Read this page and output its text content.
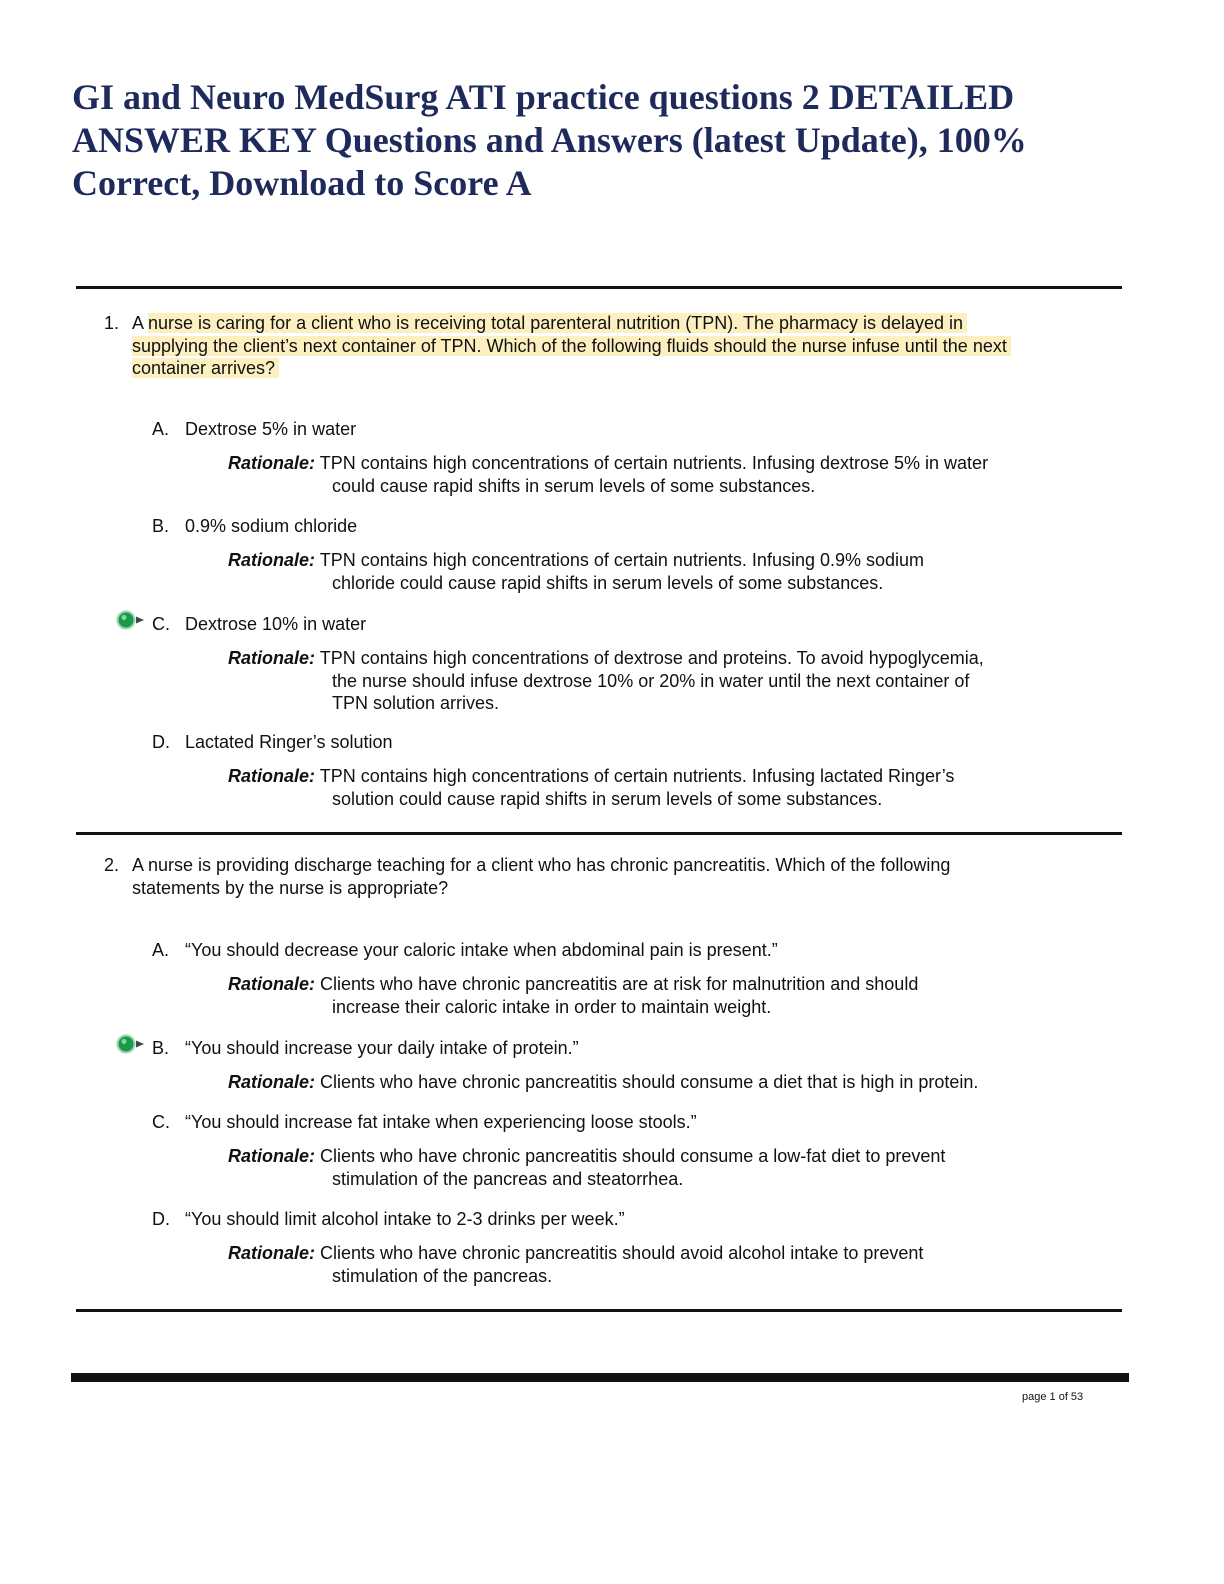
GI and Neuro MedSurg ATI practice questions 2 DETAILED
ANSWER KEY Questions and Answers (latest Update), 100%
Correct, Download to Score A
1. A nurse is caring for a client who is receiving total parenteral nutrition (TPN). The pharmacy is delayed in
supplying the client’s next container of TPN. Which of the following fluids should the nurse infuse until the next
container arrives?
A. Dextrose 5% in water
Rationale: TPN contains high concentrations of certain nutrients. Infusing dextrose 5% in water
could cause rapid shifts in serum levels of some substances.
B. 0.9% sodium chloride
Rationale: TPN contains high concentrations of certain nutrients. Infusing 0.9% sodium
chloride could cause rapid shifts in serum levels of some substances.
C. Dextrose 10% in water
Rationale: TPN contains high concentrations of dextrose and proteins. To avoid hypoglycemia,
the nurse should infuse dextrose 10% or 20% in water until the next container of
TPN solution arrives.
D. Lactated Ringer’s solution
Rationale: TPN contains high concentrations of certain nutrients. Infusing lactated Ringer’s
solution could cause rapid shifts in serum levels of some substances.
2. A nurse is providing discharge teaching for a client who has chronic pancreatitis. Which of the following
statements by the nurse is appropriate?
A. “You should decrease your caloric intake when abdominal pain is present.”
Rationale: Clients who have chronic pancreatitis are at risk for malnutrition and should
increase their caloric intake in order to maintain weight.
B. “You should increase your daily intake of protein.”
Rationale: Clients who have chronic pancreatitis should consume a diet that is high in protein.
C. “You should increase fat intake when experiencing loose stools.”
Rationale: Clients who have chronic pancreatitis should consume a low-fat diet to prevent
stimulation of the pancreas and steatorrhea.
D. “You should limit alcohol intake to 2-3 drinks per week.”
Rationale: Clients who have chronic pancreatitis should avoid alcohol intake to prevent
stimulation of the pancreas.
page 1 of 53
